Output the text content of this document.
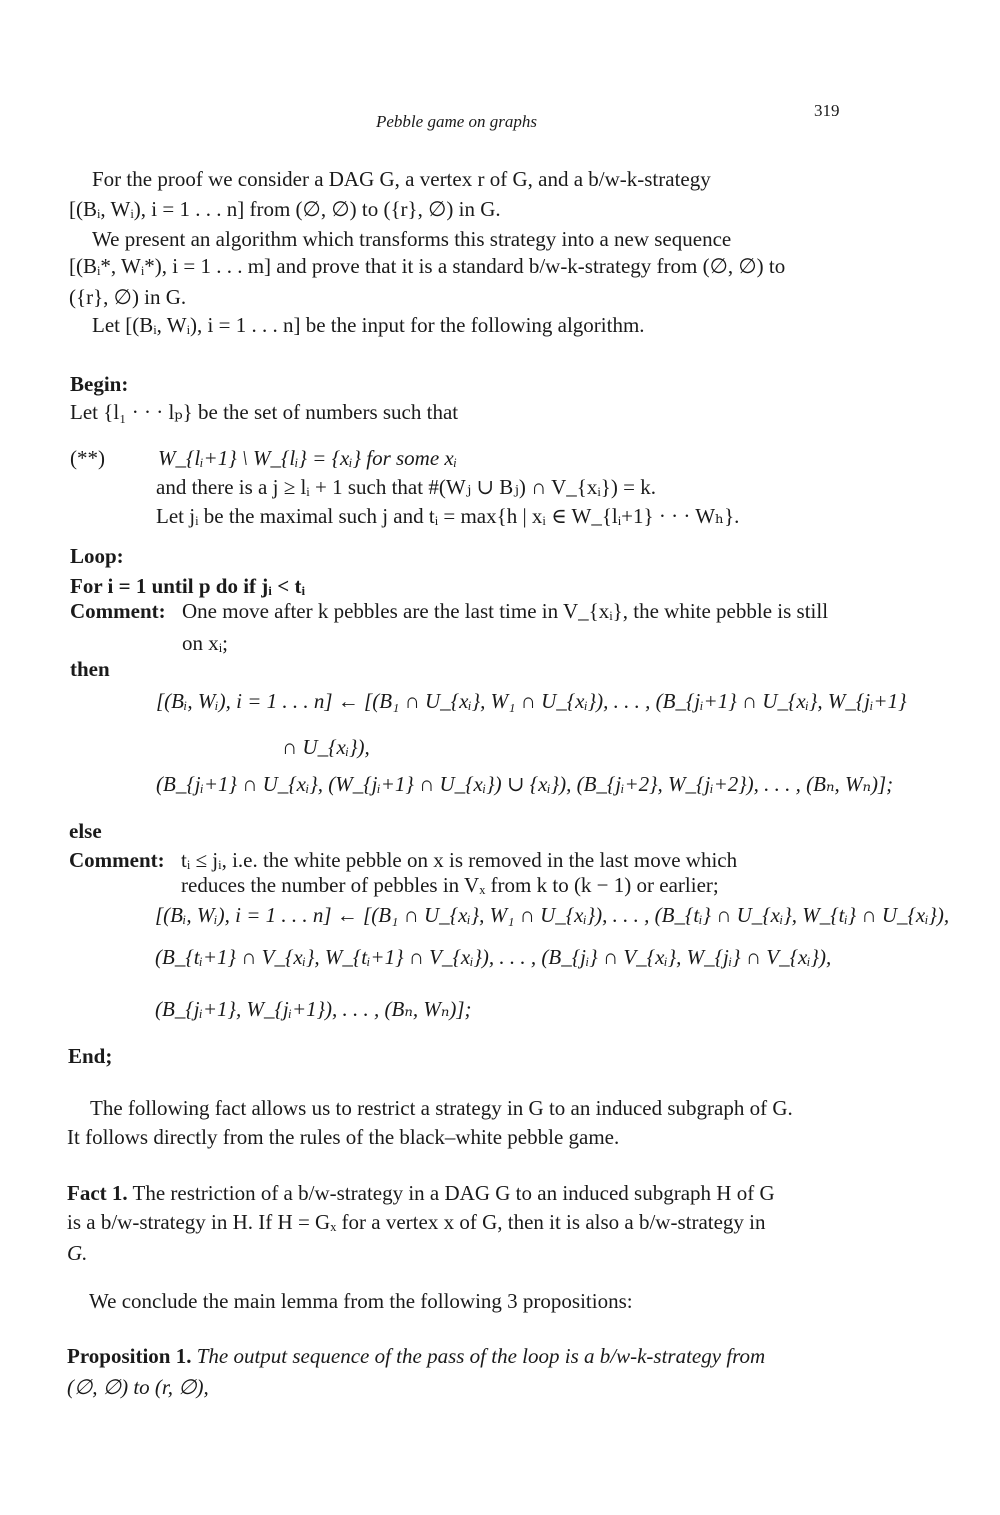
Pebble game on graphs
319
For the proof we consider a DAG G, a vertex r of G, and a b/w-k-strategy
[(Bᵢ, Wᵢ), i = 1 . . . n] from (∅, ∅) to ({r}, ∅) in G.
We present an algorithm which transforms this strategy into a new sequence
[(Bᵢ*, Wᵢ*), i = 1 . . . m] and prove that it is a standard b/w-k-strategy from (∅, ∅) to
({r}, ∅) in G.
Let [(Bᵢ, Wᵢ), i = 1 . . . n] be the input for the following algorithm.
Begin:
Let {l₁ · · · lₚ} be the set of numbers such that
(**)	W_{lᵢ+1} \ W_{lᵢ} = {xᵢ} for some xᵢ
and there is a j ≥ lᵢ + 1 such that #(Wⱼ ∪ Bⱼ) ∩ V_{xᵢ}) = k.
Let jᵢ be the maximal such j and tᵢ = max{h | xᵢ ∈ W_{lᵢ+1} · · · Wₕ}.
Loop:
For i = 1 until p do if jᵢ < tᵢ
Comment: One move after k pebbles are the last time in V_{xᵢ}, the white pebble is still
on xᵢ;
then
[(Bᵢ, Wᵢ), i = 1 . . . n] ← [(B₁ ∩ U_{xᵢ}, W₁ ∩ U_{xᵢ}), . . . , (B_{jᵢ+1} ∩ U_{xᵢ}, W_{jᵢ+1}
∩ U_{xᵢ}),
(B_{jᵢ+1} ∩ U_{xᵢ}, (W_{jᵢ+1} ∩ U_{xᵢ}) ∪ {xᵢ}), (B_{jᵢ+2}, W_{jᵢ+2}), . . . , (Bₙ, Wₙ)];
else
Comment: tᵢ ≤ jᵢ, i.e. the white pebble on x is removed in the last move which
reduces the number of pebbles in Vₓ from k to (k − 1) or earlier;
[(Bᵢ, Wᵢ), i = 1 . . . n] ← [(B₁ ∩ U_{xᵢ}, W₁ ∩ U_{xᵢ}), . . . , (B_{tᵢ} ∩ U_{xᵢ}, W_{tᵢ} ∩ U_{xᵢ}),
(B_{tᵢ+1} ∩ V_{xᵢ}, W_{tᵢ+1} ∩ V_{xᵢ}), . . . , (B_{jᵢ} ∩ V_{xᵢ}, W_{jᵢ} ∩ V_{xᵢ}),
(B_{jᵢ+1}, W_{jᵢ+1}), . . . , (Bₙ, Wₙ)];
End;
The following fact allows us to restrict a strategy in G to an induced subgraph of G.
It follows directly from the rules of the black–white pebble game.
Fact 1. The restriction of a b/w-strategy in a DAG G to an induced subgraph H of G
is a b/w-strategy in H. If H = Gₓ for a vertex x of G, then it is also a b/w-strategy in
G.
We conclude the main lemma from the following 3 propositions:
Proposition 1. The output sequence of the pass of the loop is a b/w-k-strategy from
(∅, ∅) to (r, ∅),
